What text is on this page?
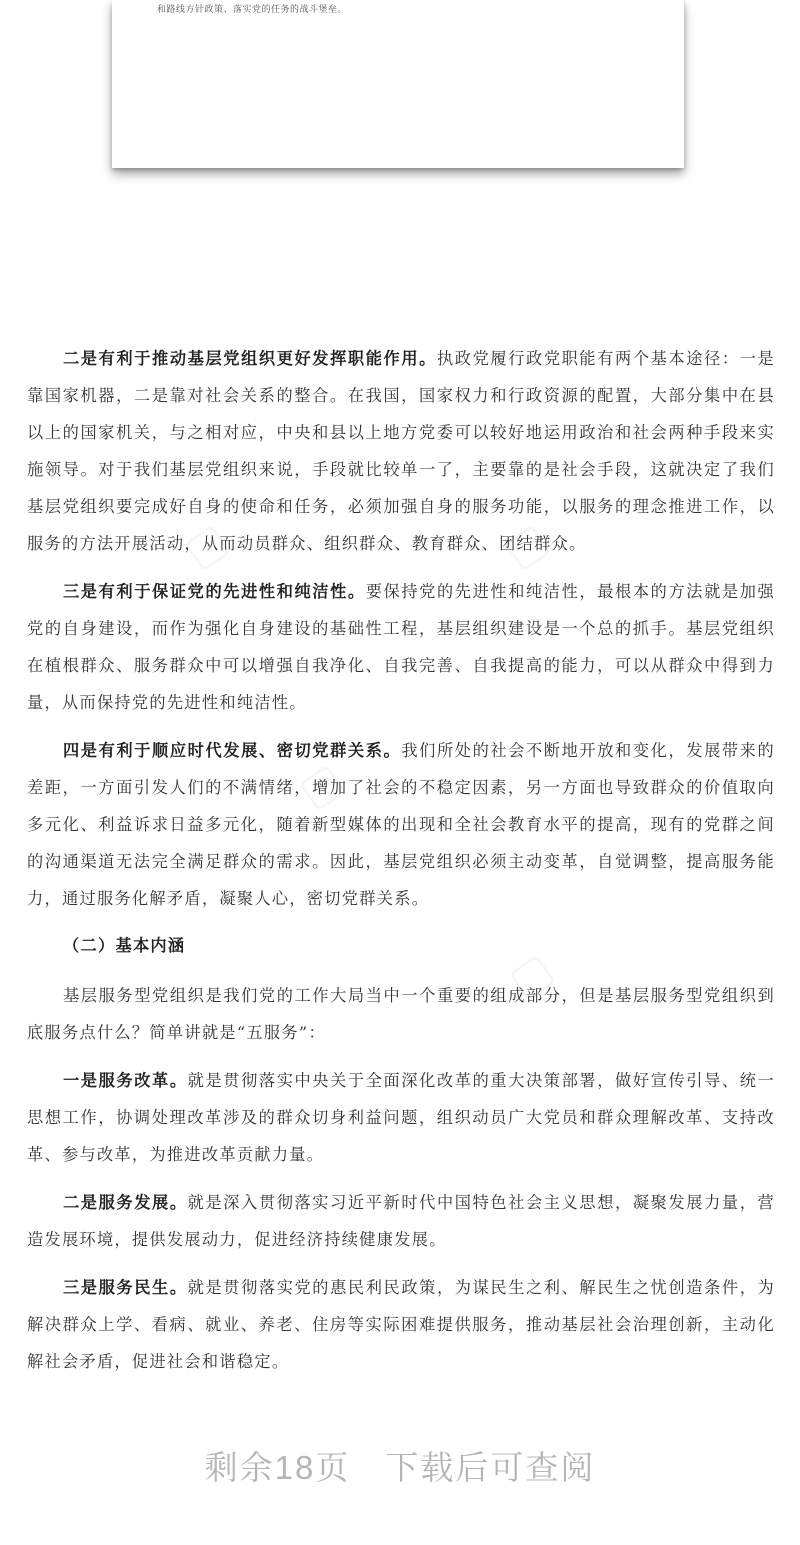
和路线方针政策、落实党的任务的战斗堡垒。
▢	▢
▢
▢

二是有利于推动基层党组织更好发挥职能作用。执政党履行政党职能有两个基本途径：一是靠国家机器，二是靠对社会关系的整合。在我国，国家权力和行政资源的配置，大部分集中在县以上的国家机关，与之相对应，中央和县以上地方党委可以较好地运用政治和社会两种手段来实施领导。对于我们基层党组织来说，手段就比较单一了，主要靠的是社会手段，这就决定了我们基层党组织要完成好自身的使命和任务，必须加强自身的服务功能，以服务的理念推进工作，以服务的方法开展活动，从而动员群众、组织群众、教育群众、团结群众。

三是有利于保证党的先进性和纯洁性。要保持党的先进性和纯洁性，最根本的方法就是加强党的自身建设，而作为强化自身建设的基础性工程，基层组织建设是一个总的抓手。基层党组织在植根群众、服务群众中可以增强自我净化、自我完善、自我提高的能力，可以从群众中得到力量，从而保持党的先进性和纯洁性。

四是有利于顺应时代发展、密切党群关系。我们所处的社会不断地开放和变化，发展带来的差距，一方面引发人们的不满情绪，增加了社会的不稳定因素，另一方面也导致群众的价值取向多元化、利益诉求日益多元化，随着新型媒体的出现和全社会教育水平的提高，现有的党群之间的沟通渠道无法完全满足群众的需求。因此，基层党组织必须主动变革，自觉调整，提高服务能力，通过服务化解矛盾，凝聚人心，密切党群关系。

（二）基本内涵

基层服务型党组织是我们党的工作大局当中一个重要的组成部分，但是基层服务型党组织到底服务点什么？简单讲就是“五服务”：

一是服务改革。就是贯彻落实中央关于全面深化改革的重大决策部署，做好宣传引导、统一思想工作，协调处理改革涉及的群众切身利益问题，组织动员广大党员和群众理解改革、支持改革、参与改革，为推进改革贡献力量。

二是服务发展。就是深入贯彻落实习近平新时代中国特色社会主义思想，凝聚发展力量，营造发展环境，提供发展动力，促进经济持续健康发展。

三是服务民生。就是贯彻落实党的惠民利民政策，为谋民生之利、解民生之忧创造条件，为解决群众上学、看病、就业、养老、住房等实际困难提供服务，推动基层社会治理创新，主动化解社会矛盾，促进社会和谐稳定。

剩余18页　下载后可查阅
